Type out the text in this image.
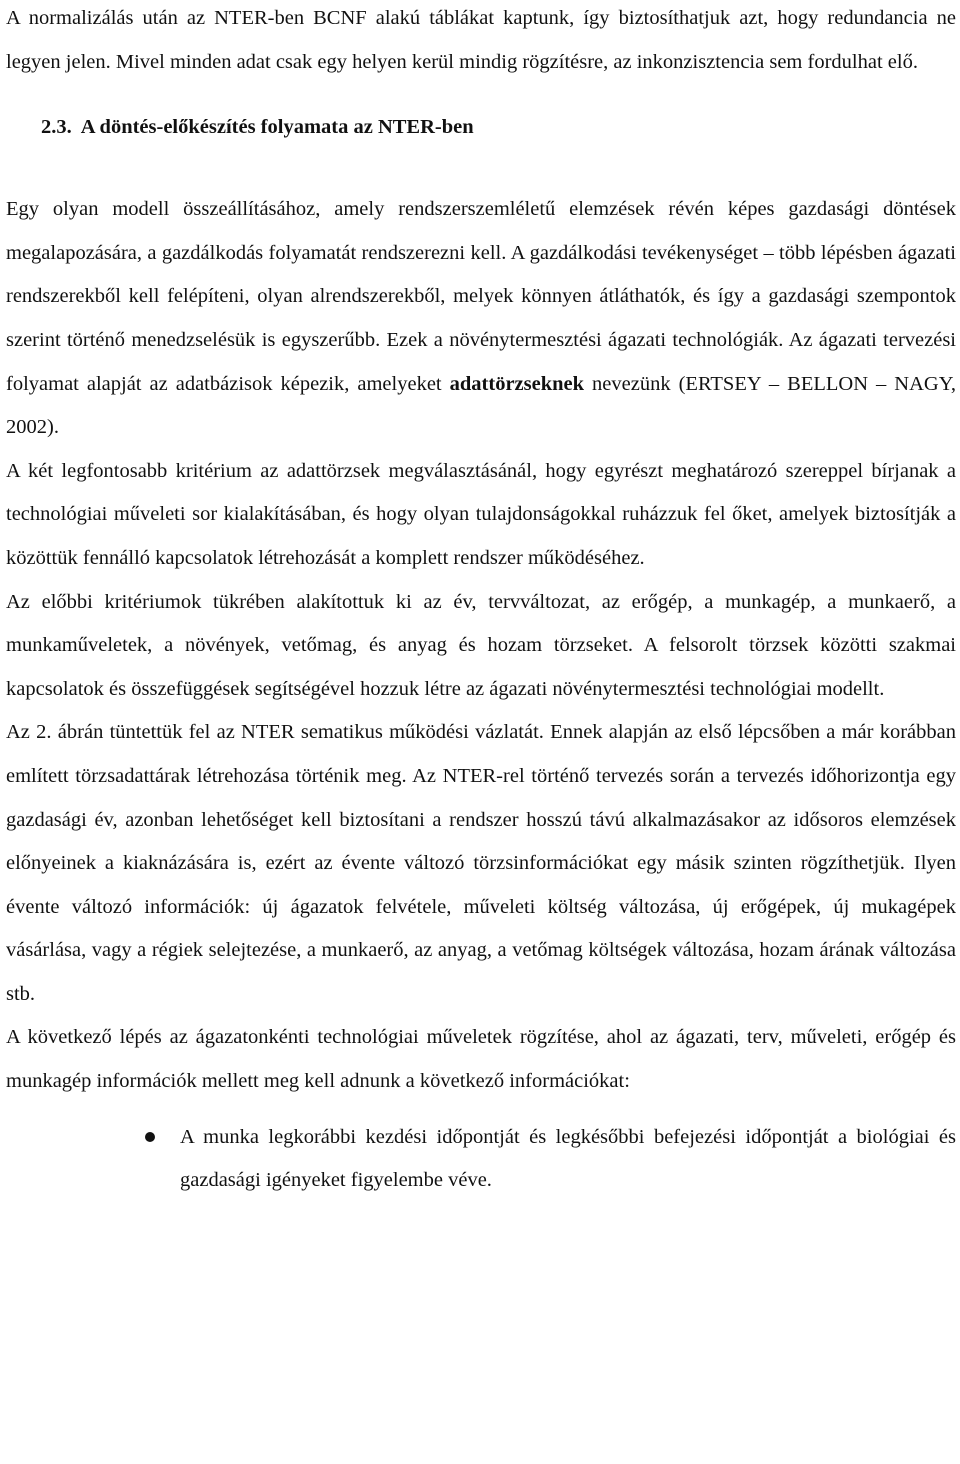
A normalizálás után az NTER-ben BCNF alakú táblákat kaptunk, így biztosíthatjuk azt, hogy redundancia ne legyen jelen. Mivel minden adat csak egy helyen kerül mindig rögzítésre, az inkonzisztencia sem fordulhat elő.

2.3. A döntés-előkészítés folyamata az NTER-ben

Egy olyan modell összeállításához, amely rendszerszemléletű elemzések révén képes gazdasági döntések megalapozására, a gazdálkodás folyamatát rendszerezni kell. A gazdálkodási tevékenységet – több lépésben ágazati rendszerekből kell felépíteni, olyan alrendszerekből, melyek könnyen átláthatók, és így a gazdasági szempontok szerint történő menedzselésük is egyszerűbb. Ezek a növénytermesztési ágazati technológiák. Az ágazati tervezési folyamat alapját az adatbázisok képezik, amelyeket adattörzseknek nevezünk (ERTSEY – BELLON – NAGY, 2002).

A két legfontosabb kritérium az adattörzsek megválasztásánál, hogy egyrészt meghatározó szereppel bírjanak a technológiai műveleti sor kialakításában, és hogy olyan tulajdonságokkal ruházzuk fel őket, amelyek biztosítják a közöttük fennálló kapcsolatok létrehozását a komplett rendszer működéséhez.

Az előbbi kritériumok tükrében alakítottuk ki az év, tervváltozat, az erőgép, a munkagép, a munkaerő, a munkaműveletek, a növények, vetőmag, és anyag és hozam törzseket. A felsorolt törzsek közötti szakmai kapcsolatok és összefüggések segítségével hozzuk létre az ágazati növénytermesztési technológiai modellt.

Az 2. ábrán tüntettük fel az NTER sematikus működési vázlatát. Ennek alapján az első lépcsőben a már korábban említett törzsadattárak létrehozása történik meg. Az NTER-rel történő tervezés során a tervezés időhorizontja egy gazdasági év, azonban lehetőséget kell biztosítani a rendszer hosszú távú alkalmazásakor az idősoros elemzések előnyeinek a kiaknázására is, ezért az évente változó törzsinformációkat egy másik szinten rögzíthetjük. Ilyen évente változó információk: új ágazatok felvétele, műveleti költség változása, új erőgépek, új mukagépek vásárlása, vagy a régiek selejtezése, a munkaerő, az anyag, a vetőmag költségek változása, hozam árának változása stb.

A következő lépés az ágazatonkénti technológiai műveletek rögzítése, ahol az ágazati, terv, műveleti, erőgép és munkagép információk mellett meg kell adnunk a következő információkat:

A munka legkorábbi kezdési időpontját és legkésőbbi befejezési időpontját a biológiai és gazdasági igényeket figyelembe véve.
